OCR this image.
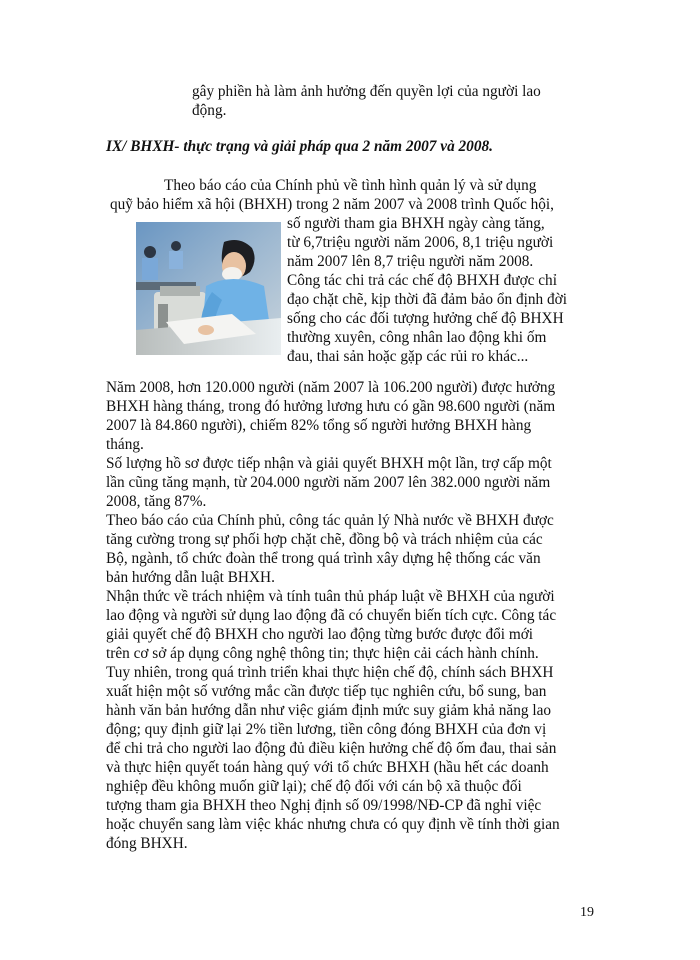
gây phiền hà làm ảnh hưởng đến quyền lợi của người lao
động.
IX/ BHXH- thực trạng và giải pháp qua 2 năm 2007 và 2008.
Theo báo cáo của Chính phủ về tình hình quản lý và sử dụng
quỹ bảo hiểm xã hội (BHXH) trong 2 năm 2007 và 2008 trình Quốc hội,
số người tham gia BHXH ngày càng tăng,
từ 6,7triệu người năm 2006, 8,1 triệu người
năm 2007 lên 8,7 triệu người năm 2008.
Công tác chi trả các chế độ BHXH được chỉ
đạo chặt chẽ, kịp thời đã đảm bảo ổn định đời
sống cho các đối tượng hưởng chế độ BHXH
thường xuyên, công nhân lao động khi ốm
đau, thai sản hoặc gặp các rủi ro khác...
Năm 2008, hơn 120.000 người (năm 2007 là 106.200 người) được hưởng
BHXH hàng tháng, trong đó hưởng lương hưu có gần 98.600 người (năm
2007 là 84.860 người), chiếm 82% tổng số người hưởng BHXH hàng
tháng.
Số lượng hồ sơ được tiếp nhận và giải quyết BHXH một lần, trợ cấp một
lần cũng tăng mạnh, từ 204.000 người năm 2007 lên 382.000 người năm
2008, tăng 87%.
Theo báo cáo của Chính phủ, công tác quản lý Nhà nước về BHXH được
tăng cường trong sự phối hợp chặt chẽ, đồng bộ và trách nhiệm của các
Bộ, ngành, tổ chức đoàn thể trong quá trình xây dựng hệ thống các văn
bản hướng dẫn luật BHXH.
Nhận thức về trách nhiệm và tính tuân thủ pháp luật về BHXH của người
lao động và người sử dụng lao động đã có chuyển biến tích cực. Công tác
giải quyết chế độ BHXH cho người lao động từng bước được đổi mới
trên cơ sở áp dụng công nghệ thông tin; thực hiện cải cách hành chính.
Tuy nhiên, trong quá trình triển khai thực hiện chế độ, chính sách BHXH
xuất hiện một số vướng mắc cần được tiếp tục nghiên cứu, bổ sung, ban
hành văn bản hướng dẫn như việc giám định mức suy giảm khả năng lao
động; quy định giữ lại 2% tiền lương, tiền công đóng BHXH của đơn vị
để chi trả cho người lao động đủ điều kiện hưởng chế độ ốm đau, thai sản
và thực hiện quyết toán hàng quý với tổ chức BHXH (hầu hết các doanh
nghiệp đều không muốn giữ lại); chế độ đối với cán bộ xã thuộc đối
tượng tham gia BHXH theo Nghị định số 09/1998/NĐ-CP đã nghỉ việc
hoặc chuyển sang làm việc khác nhưng chưa có quy định về tính thời gian
đóng BHXH.
19
